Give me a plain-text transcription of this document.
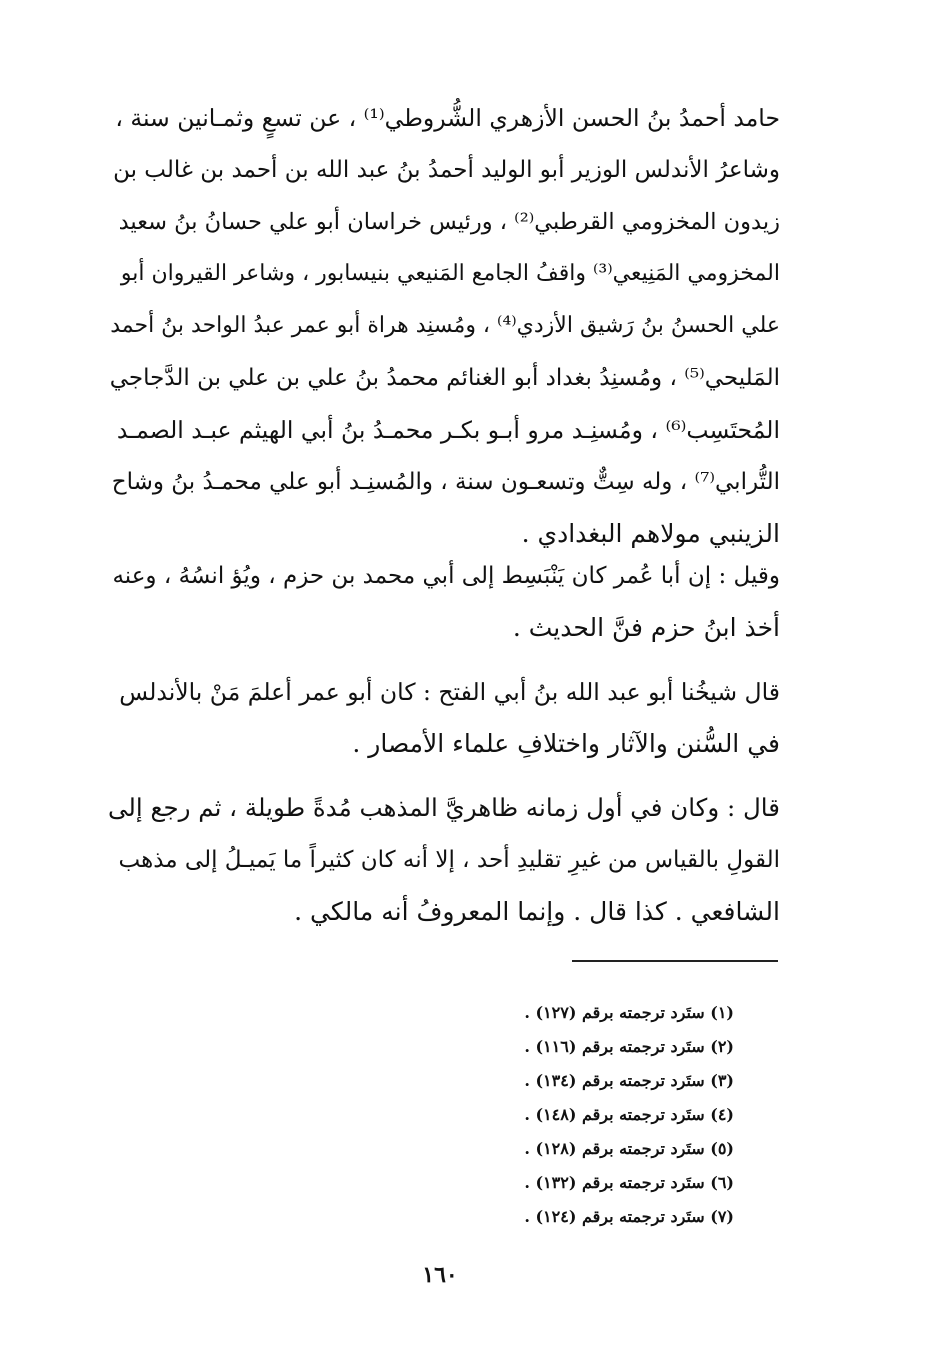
حامد أحمدُ بنُ الحسن الأزهري الشُّروطي⁽¹⁾ ، عن تسعٍ وثمـانين سنة ،
وشاعرُ الأندلس الوزير أبو الوليد أحمدُ بنُ عبد الله بن أحمد بن غالب بن
زيدون المخزومي القرطبي⁽²⁾ ، ورئيس خراسان أبو علي حسانُ بنُ سعيد
المخزومي المَنِيعي⁽³⁾ واقفُ الجامع المَنيعي بنيسابور ، وشاعر القيروان أبو
علي الحسنُ بنُ رَشيق الأزدي⁽⁴⁾ ، ومُسنِد هراة أبو عمر عبدُ الواحد بنُ أحمد
المَليحي⁽⁵⁾ ، ومُسنِدُ بغداد أبو الغنائم محمدُ بنُ علي بن علي بن الدَّجاجي
المُحتَسِب⁽⁶⁾ ، ومُسنِـد مرو أبـو بكـر محمـدُ بنُ أبي الهيثم عبـد الصمـد
التُّرابي⁽⁷⁾ ، وله سِتٌّ وتسعـون سنة ، والمُسنِـد أبو علي محمـدُ بنُ وشاح
الزينبي مولاهم البغدادي .
وقيل : إن أبا عُمر كان يَنْبَسِط إلى أبي محمد بن حزم ، ويُؤ انسُهُ ، وعنه
أخذ ابنُ حزم فنَّ الحديث .
قال شيخُنا أبو عبد الله بنُ أبي الفتح : كان أبو عمر أعلمَ مَنْ بالأندلس
في السُّنن والآثار واختلافِ علماء الأمصار .
قال : وكان في أول زمانه ظاهريَّ المذهب مُدةً طويلة ، ثم رجع إلى
القولِ بالقياس من غيرِ تقليدِ أحد ، إلا أنه كان كثيراً ما يَميـلُ إلى مذهب
الشافعي . كذا قال . وإنما المعروفُ أنه مالكي .
(١) ستَرد ترجمته برقم (١٢٧) .
(٢) ستَرد ترجمته برقم (١١٦) .
(٣) ستَرد ترجمته برقم (١٣٤) .
(٤) ستَرد ترجمته برقم (١٤٨) .
(٥) ستَرد ترجمته برقم (١٢٨) .
(٦) ستَرد ترجمته برقم (١٣٢) .
(٧) ستَرد ترجمته برقم (١٢٤) .
١٦٠
